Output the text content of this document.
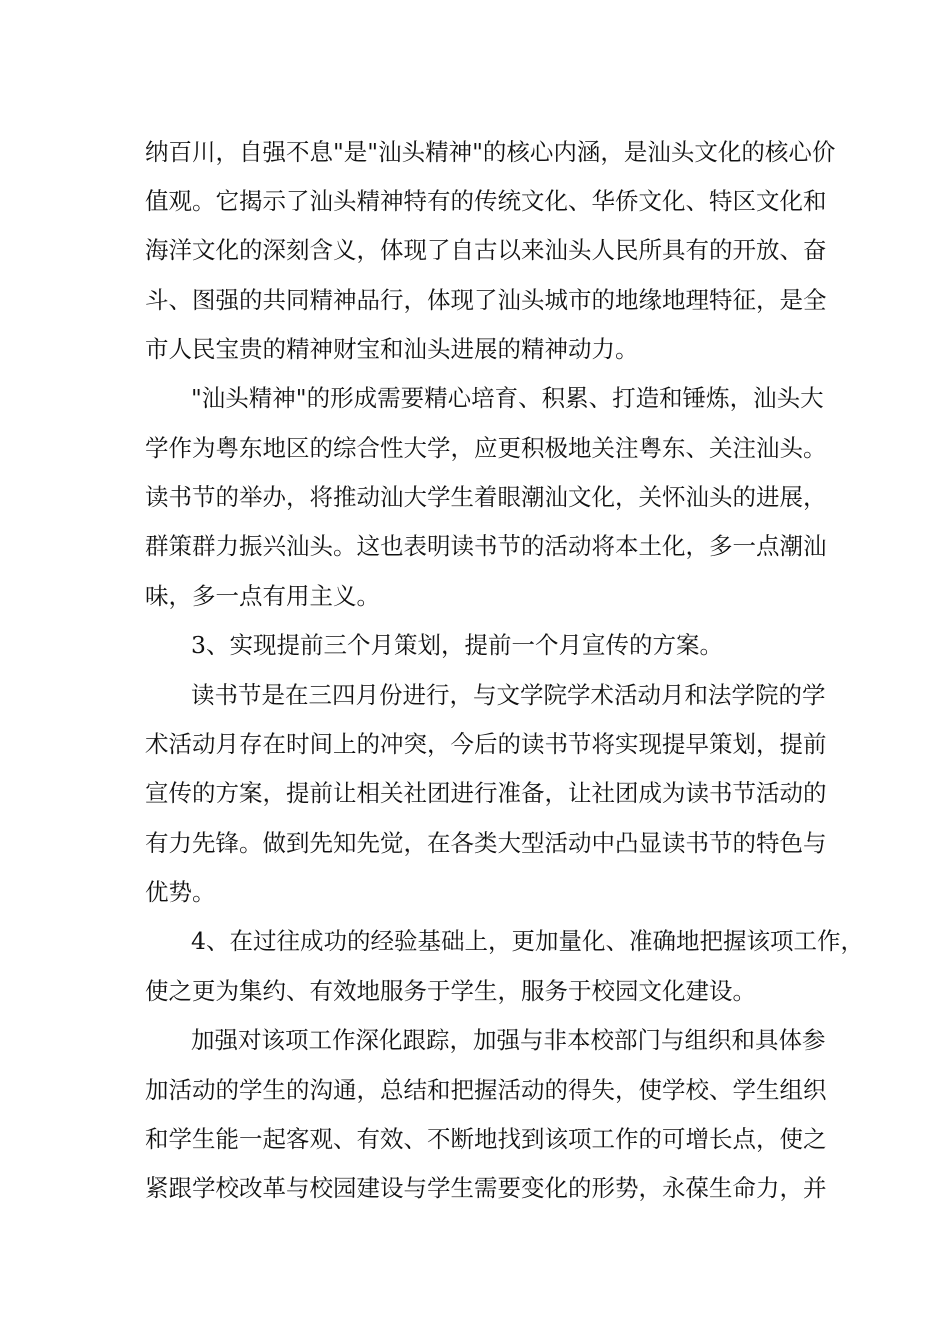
纳百川，自强不息"是"汕头精神"的核心内涵，是汕头文化的核心价
值观。它揭示了汕头精神特有的传统文化、华侨文化、特区文化和
海洋文化的深刻含义，体现了自古以来汕头人民所具有的开放、奋
斗、图强的共同精神品行，体现了汕头城市的地缘地理特征，是全
市人民宝贵的精神财宝和汕头进展的精神动力。
"汕头精神"的形成需要精心培育、积累、打造和锤炼，汕头大
学作为粤东地区的综合性大学，应更积极地关注粤东、关注汕头。
读书节的举办，将推动汕大学生着眼潮汕文化，关怀汕头的进展，
群策群力振兴汕头。这也表明读书节的活动将本土化，多一点潮汕
味，多一点有用主义。
3、实现提前三个月策划，提前一个月宣传的方案。
读书节是在三四月份进行，与文学院学术活动月和法学院的学
术活动月存在时间上的冲突，今后的读书节将实现提早策划，提前
宣传的方案，提前让相关社团进行准备，让社团成为读书节活动的
有力先锋。做到先知先觉，在各类大型活动中凸显读书节的特色与
优势。
4、在过往成功的经验基础上，更加量化、准确地把握该项工作，
使之更为集约、有效地服务于学生，服务于校园文化建设。
加强对该项工作深化跟踪，加强与非本校部门与组织和具体参
加活动的学生的沟通，总结和把握活动的得失，使学校、学生组织
和学生能一起客观、有效、不断地找到该项工作的可增长点，使之
紧跟学校改革与校园建设与学生需要变化的形势，永葆生命力，并
